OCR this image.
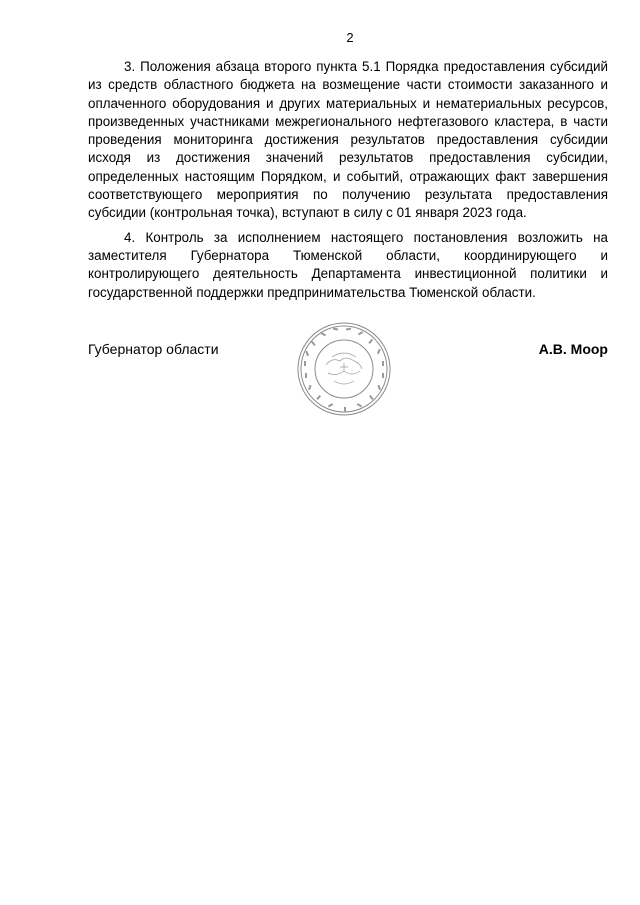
2

3. Положения абзаца второго пункта 5.1 Порядка предоставления субсидий из средств областного бюджета на возмещение части стоимости заказанного и оплаченного оборудования и других материальных и нематериальных ресурсов, произведенных участниками межрегионального нефтегазового кластера, в части проведения мониторинга достижения результатов предоставления субсидии исходя из достижения значений результатов предоставления субсидии, определенных настоящим Порядком, и событий, отражающих факт завершения соответствующего мероприятия по получению результата предоставления субсидии (контрольная точка), вступают в силу с 01 января 2023 года.

4. Контроль за исполнением настоящего постановления возложить на заместителя Губернатора Тюменской области, координирующего и контролирующего деятельность Департамента инвестиционной политики и государственной поддержки предпринимательства Тюменской области.

Губернатор области	А.В. Моор
